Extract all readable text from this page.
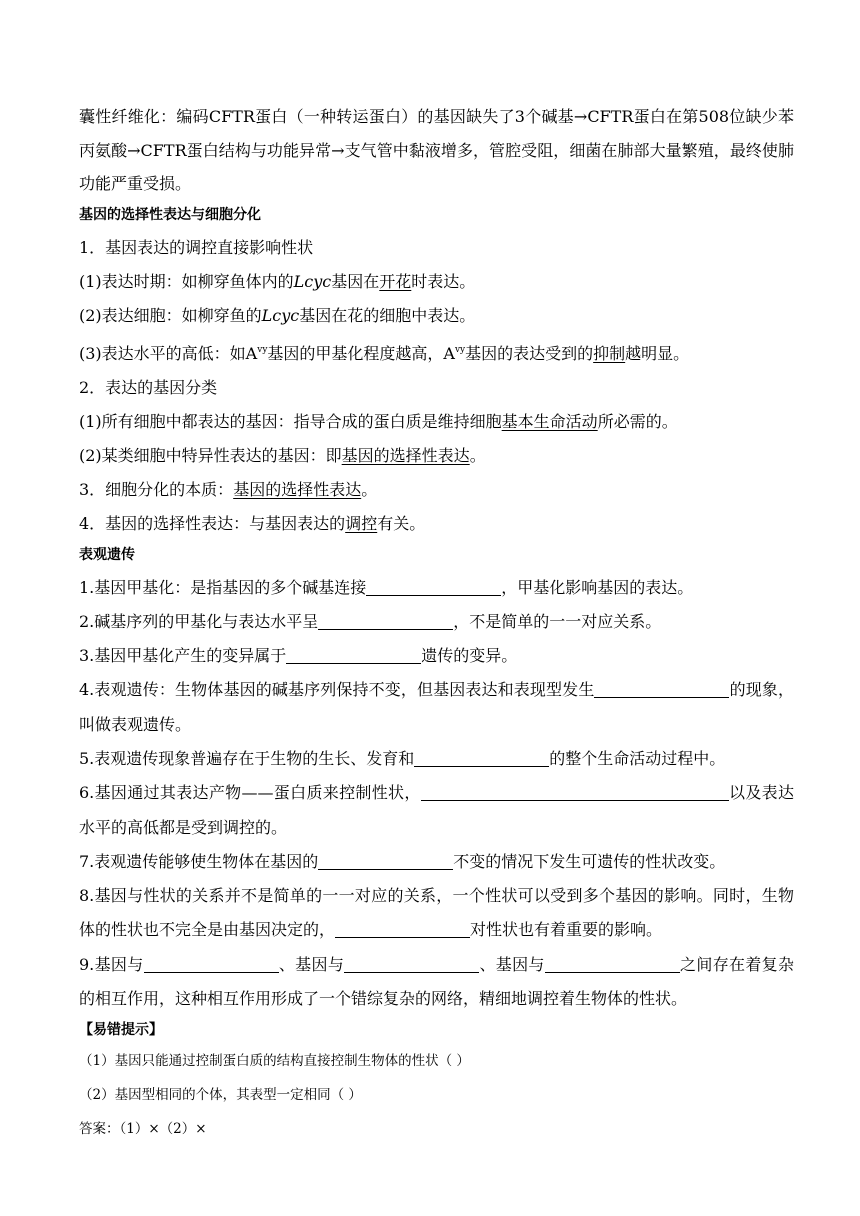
囊性纤维化：编码CFTR蛋白（一种转运蛋白）的基因缺失了3个碱基→CFTR蛋白在第508位缺少苯丙氨酸→CFTR蛋白结构与功能异常→支气管中黏液增多，管腔受阻，细菌在肺部大量繁殖，最终使肺功能严重受损。

基因的选择性表达与细胞分化

1．基因表达的调控直接影响性状

(1)表达时期：如柳穿鱼体内的Lcyc基因在开花时表达。

(2)表达细胞：如柳穿鱼的Lcyc基因在花的细胞中表达。

(3)表达水平的高低：如$A^{vy}$基因的甲基化程度越高，$A^{vy}$基因的表达受到的抑制越明显。

2．表达的基因分类

(1)所有细胞中都表达的基因：指导合成的蛋白质是维持细胞基本生命活动所必需的。

(2)某类细胞中特异性表达的基因：即基因的选择性表达。

3．细胞分化的本质：基因的选择性表达。

4．基因的选择性表达：与基因表达的调控有关。

表观遗传

1.基因甲基化：是指基因的多个碱基连接	，甲基化影响基因的表达。

2.碱基序列的甲基化与表达水平呈	，不是简单的一一对应关系。

3.基因甲基化产生的变异属于	遗传的变异。

4.表观遗传：生物体基因的碱基序列保持不变，但基因表达和表现型发生	的现象，叫做表观遗传。

5.表观遗传现象普遍存在于生物的生长、发育和	的整个生命活动过程中。

6.基因通过其表达产物——蛋白质来控制性状，	以及表达水平的高低都是受到调控的。

7.表观遗传能够使生物体在基因的	不变的情况下发生可遗传的性状改变。

8.基因与性状的关系并不是简单的一一对应的关系，一个性状可以受到多个基因的影响。同时，生物体的性状也不完全是由基因决定的，	对性状也有着重要的影响。

9.基因与	、基因与	、基因与	之间存在着复杂的相互作用，这种相互作用形成了一个错综复杂的网络，精细地调控着生物体的性状。

【易错提示】

（1）基因只能通过控制蛋白质的结构直接控制生物体的性状（ ）

（2）基因型相同的个体，其表型一定相同（ ）

答案：（1）×（2）×
